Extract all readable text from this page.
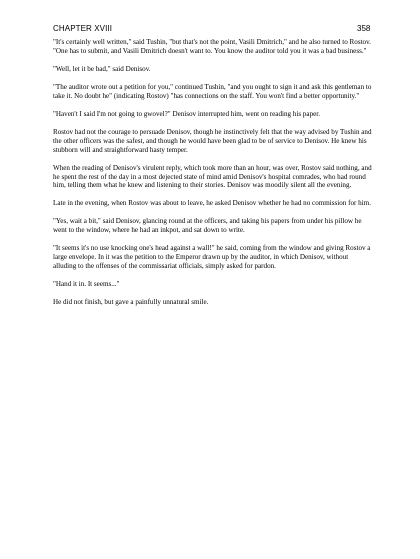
CHAPTER XVIII	358

"It's certainly well written," said Tushin, "but that's not the point, Vasili Dmitrich," and he also turned to Rostov. "One has to submit, and Vasili Dmitrich doesn't want to. You know the auditor told you it was a bad business."

"Well, let it be bad," said Denisov.

"The auditor wrote out a petition for you," continued Tushin, "and you ought to sign it and ask this gentleman to take it. No doubt he" (indicating Rostov) "has connections on the staff. You won't find a better opportunity."

"Haven't I said I'm not going to gwovel?" Denisov interrupted him, went on reading his paper.

Rostov had not the courage to persuade Denisov, though he instinctively felt that the way advised by Tushin and the other officers was the safest, and though he would have been glad to be of service to Denisov. He knew his stubborn will and straightforward hasty temper.

When the reading of Denisov's virulent reply, which took more than an hour, was over, Rostov said nothing, and he spent the rest of the day in a most dejected state of mind amid Denisov's hospital comrades, who had round him, telling them what he knew and listening to their stories. Denisov was moodily silent all the evening.

Late in the evening, when Rostov was about to leave, he asked Denisov whether he had no commission for him.

"Yes, wait a bit," said Denisov, glancing round at the officers, and taking his papers from under his pillow he went to the window, where he had an inkpot, and sat down to write.

"It seems it's no use knocking one's head against a wall!" he said, coming from the window and giving Rostov a large envelope. In it was the petition to the Emperor drawn up by the auditor, in which Denisov, without alluding to the offenses of the commissariat officials, simply asked for pardon.

"Hand it in. It seems..."

He did not finish, but gave a painfully unnatural smile.
